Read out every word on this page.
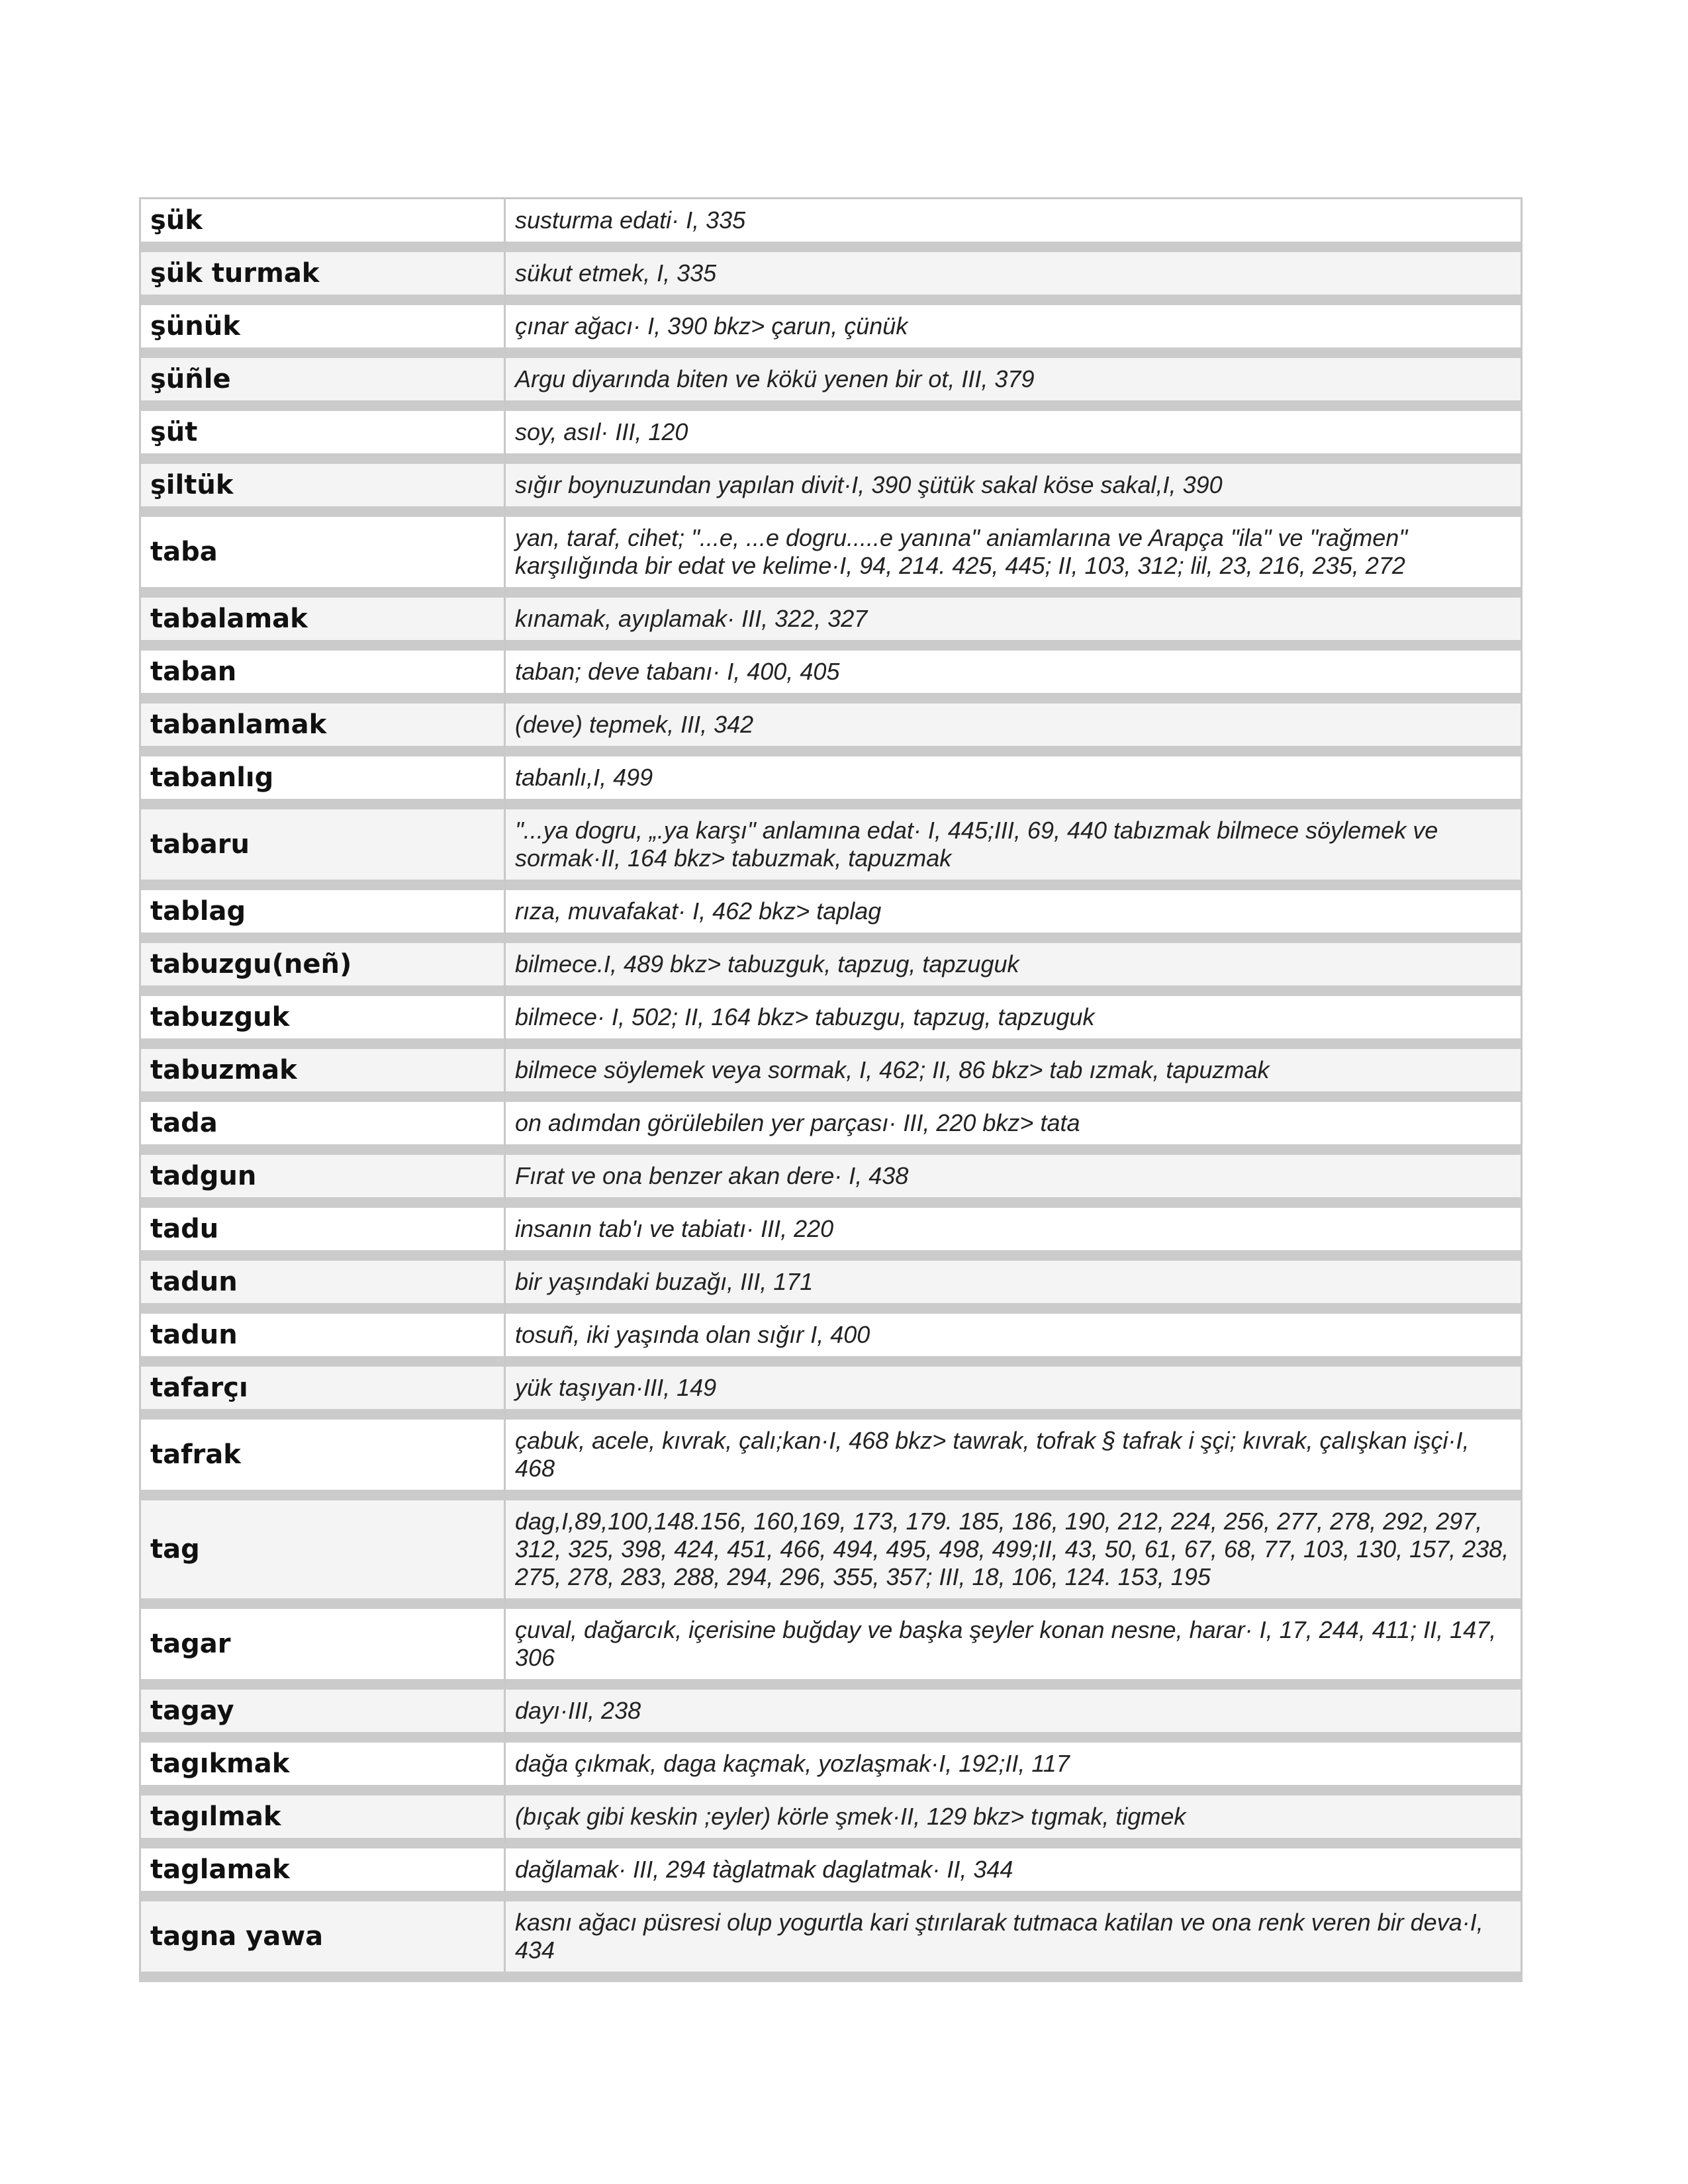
şük	susturma edati· I, 335
şük turmak	sükut etmek, I, 335
şünük	çınar ağacı· I, 390 bkz> çarun, çünük
şüñle	Argu diyarında biten ve kökü yenen bir ot, III, 379
şüt	soy, asıl· III, 120
şiltük	sığır boynuzundan yapılan divit·I, 390 şütük sakal köse sakal,I, 390
taba	yan, taraf, cihet; "...e, ...e dogru.....e yanına" aniamlarına ve Arapça "ila" ve "rağmen" karşılığında bir edat ve kelime·I, 94, 214. 425, 445; II, 103, 312; lil, 23, 216, 235, 272
tabalamak	kınamak, ayıplamak· III, 322, 327
taban	taban; deve tabanı· I, 400, 405
tabanlamak	(deve) tepmek, III, 342
tabanlıg	tabanlı,I, 499
tabaru	"...ya dogru, „.ya karşı" anlamına edat· I, 445;III, 69, 440 tabızmak bilmece söylemek ve sormak·II, 164 bkz> tabuzmak, tapuzmak
tablag	rıza, muvafakat· I, 462 bkz> taplag
tabuzgu(neñ)	bilmece.I, 489 bkz> tabuzguk, tapzug, tapzuguk
tabuzguk	bilmece· I, 502; II, 164 bkz> tabuzgu, tapzug, tapzuguk
tabuzmak	bilmece söylemek veya sormak, I, 462; II, 86 bkz> tab ızmak, tapuzmak
tada	on adımdan görülebilen yer parçası· III, 220 bkz> tata
tadgun	Fırat ve ona benzer akan dere· I, 438
tadu	insanın tab'ı ve tabiatı· III, 220
tadun	bir yaşındaki buzağı, III, 171
tadun	tosuñ, iki yaşında olan sığır I, 400
tafarçı	yük taşıyan·III, 149
tafrak	çabuk, acele, kıvrak, çalı;kan·I, 468 bkz> tawrak, tofrak § tafrak i şçi; kıvrak, çalışkan işçi·I, 468
tag	dag,I,89,100,148.156, 160,169, 173, 179. 185, 186, 190, 212, 224, 256, 277, 278, 292, 297, 312, 325, 398, 424, 451, 466, 494, 495, 498, 499;II, 43, 50, 61, 67, 68, 77, 103, 130, 157, 238, 275, 278, 283, 288, 294, 296, 355, 357; III, 18, 106, 124. 153, 195
tagar	çuval, dağarcık, içerisine buğday ve başka şeyler konan nesne, harar· I, 17, 244, 411; II, 147, 306
tagay	dayı·III, 238
tagıkmak	dağa çıkmak, daga kaçmak, yozlaşmak·I, 192;II, 117
tagılmak	(bıçak gibi keskin ;eyler) körle şmek·II, 129 bkz> tıgmak, tigmek
taglamak	dağlamak· III, 294 tàglatmak daglatmak· II, 344
tagna yawa	kasnı ağacı püsresi olup yogurtla kari ştırılarak tutmaca katilan ve ona renk veren bir deva·I, 434
